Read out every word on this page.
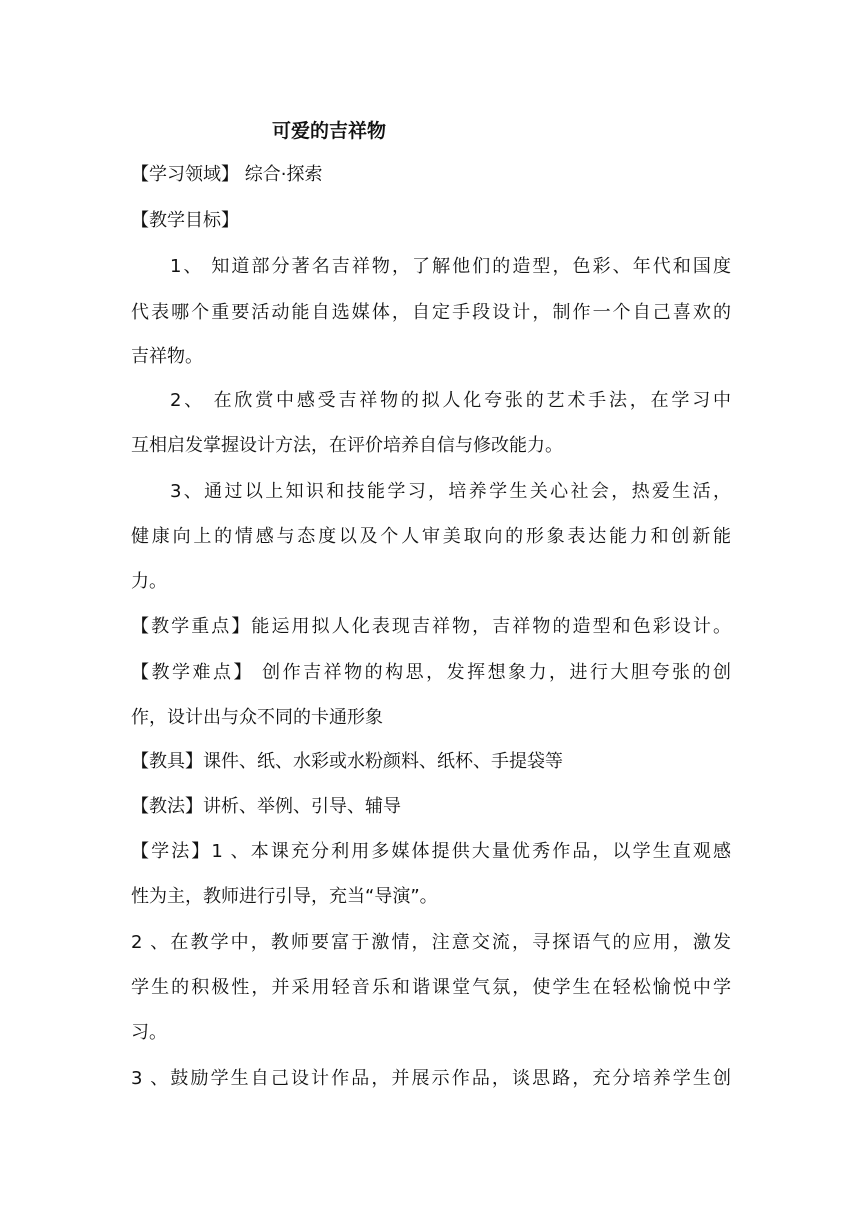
可爱的吉祥物
【学习领域】 综合·探索
【教学目标】
1、 知道部分著名吉祥物，了解他们的造型，色彩、年代和国度
代表哪个重要活动能自选媒体，自定手段设计，制作一个自己喜欢的
吉祥物。
2、 在欣赏中感受吉祥物的拟人化夸张的艺术手法，在学习中
互相启发掌握设计方法，在评价培养自信与修改能力。
3、通过以上知识和技能学习，培养学生关心社会，热爱生活，
健康向上的情感与态度以及个人审美取向的形象表达能力和创新能
力。
【教学重点】能运用拟人化表现吉祥物，吉祥物的造型和色彩设计。
【教学难点】 创作吉祥物的构思，发挥想象力，进行大胆夸张的创
作，设计出与众不同的卡通形象
【教具】课件、纸、水彩或水粉颜料、纸杯、手提袋等
【教法】讲析、举例、引导、辅导
【学法】1 、本课充分利用多媒体提供大量优秀作品，以学生直观感
性为主，教师进行引导，充当“导演”。
2 、在教学中，教师要富于激情，注意交流，寻探语气的应用，激发
学生的积极性，并采用轻音乐和谐课堂气氛，使学生在轻松愉悦中学
习。
3 、鼓励学生自己设计作品，并展示作品，谈思路，充分培养学生创
